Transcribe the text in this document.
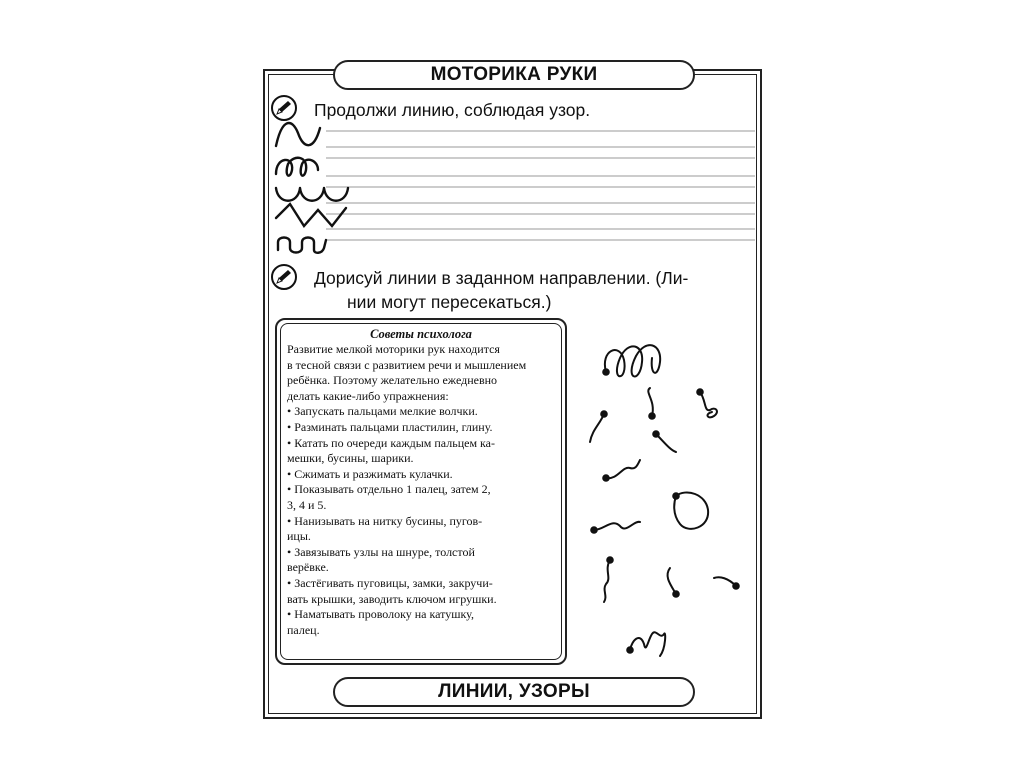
МОТОРИКА РУКИ
Продолжи линию, соблюдая узор.
Дорисуй линии в заданном направлении. (Ли-
нии могут пересекаться.)
Советы психолога
Развитие мелкой моторики рук находится
в тесной связи с развитием речи и мышлением
ребёнка. Поэтому желательно ежедневно
делать какие-либо упражнения:
• Запускать пальцами мелкие волчки.
• Разминать пальцами пластилин, глину.
• Катать по очереди каждым пальцем ка-
мешки, бусины, шарики.
• Сжимать и разжимать кулачки.
• Показывать отдельно 1 палец, затем 2,
3, 4 и 5.
• Нанизывать на нитку бусины, пугов-
ицы.
• Завязывать узлы на шнуре, толстой
верёвке.
• Застёгивать пуговицы, замки, закручи-
вать крышки, заводить ключом игрушки.
• Наматывать проволоку на катушку,
палец.
ЛИНИИ, УЗОРЫ
